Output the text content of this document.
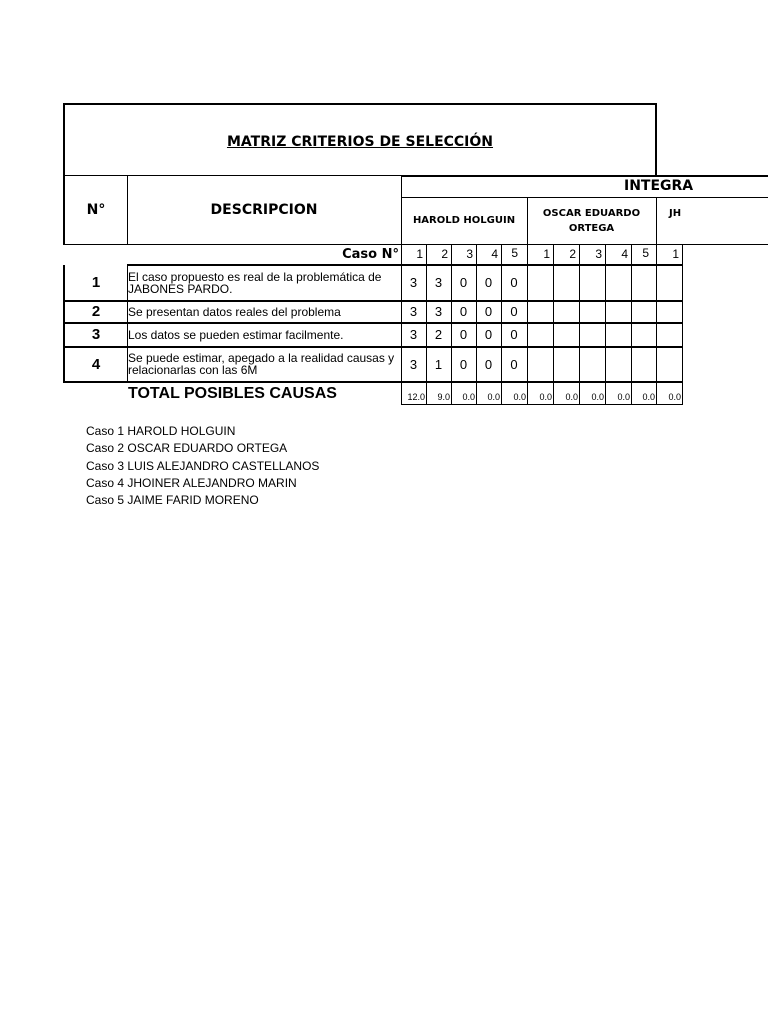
MATRIZ CRITERIOS DE SELECCIÓN
N°	DESCRIPCION
INTEGRA
HAROLD HOLGUIN
OSCAR EDUARDO ORTEGA
JH
Caso N°	1	2	3	4	5	1	2	3	4	5	1
1	El caso propuesto es real de la problemática de JABONES PARDO.	3	3	0	0	0
2	Se presentan datos reales del problema	3	3	0	0	0
3	Los datos se pueden estimar facilmente.	3	2	0	0	0
4	Se puede estimar, apegado a la realidad causas y relacionarlas con las 6M	3	1	0	0	0
TOTAL POSIBLES CAUSAS	12.0	9.0	0.0	0.0	0.0	0.0	0.0	0.0	0.0	0.0	0.0
Caso 1 HAROLD HOLGUIN
Caso 2 OSCAR EDUARDO ORTEGA
Caso 3 LUIS ALEJANDRO CASTELLANOS
Caso 4 JHOINER ALEJANDRO MARIN
Caso 5 JAIME FARID MORENO
